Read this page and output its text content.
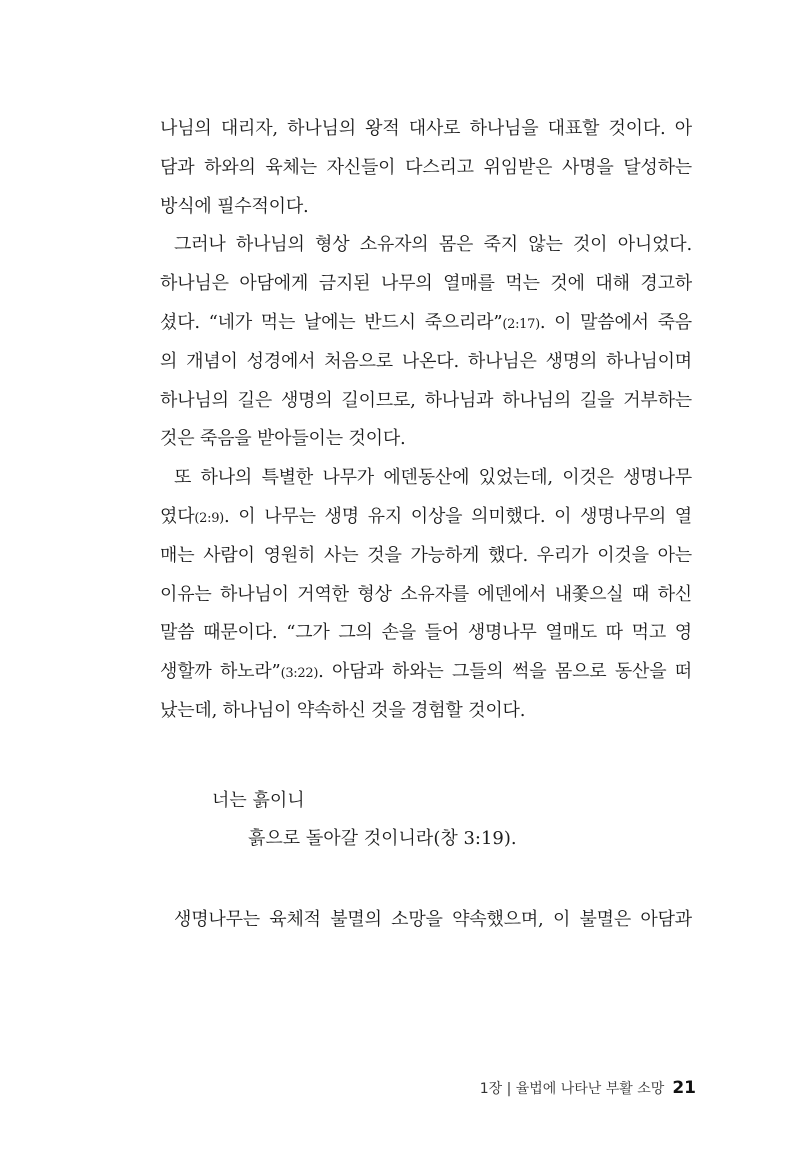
나님의 대리자, 하나님의 왕적 대사로 하나님을 대표할 것이다. 아
담과 하와의 육체는 자신들이 다스리고 위임받은 사명을 달성하는
방식에 필수적이다.
그러나 하나님의 형상 소유자의 몸은 죽지 않는 것이 아니었다.
하나님은 아담에게 금지된 나무의 열매를 먹는 것에 대해 경고하
셨다. “네가 먹는 날에는 반드시 죽으리라”(2:17). 이 말씀에서 죽음
의 개념이 성경에서 처음으로 나온다. 하나님은 생명의 하나님이며
하나님의 길은 생명의 길이므로, 하나님과 하나님의 길을 거부하는
것은 죽음을 받아들이는 것이다.
또 하나의 특별한 나무가 에덴동산에 있었는데, 이것은 생명나무
였다(2:9). 이 나무는 생명 유지 이상을 의미했다. 이 생명나무의 열
매는 사람이 영원히 사는 것을 가능하게 했다. 우리가 이것을 아는
이유는 하나님이 거역한 형상 소유자를 에덴에서 내쫓으실 때 하신
말씀 때문이다. “그가 그의 손을 들어 생명나무 열매도 따 먹고 영
생할까 하노라”(3:22). 아담과 하와는 그들의 썩을 몸으로 동산을 떠
났는데, 하나님이 약속하신 것을 경험할 것이다.
너는 흙이니
흙으로 돌아갈 것이니라(창 3:19).
생명나무는 육체적 불멸의 소망을 약속했으며, 이 불멸은 아담과
1장 | 율법에 나타난 부활 소망 21
